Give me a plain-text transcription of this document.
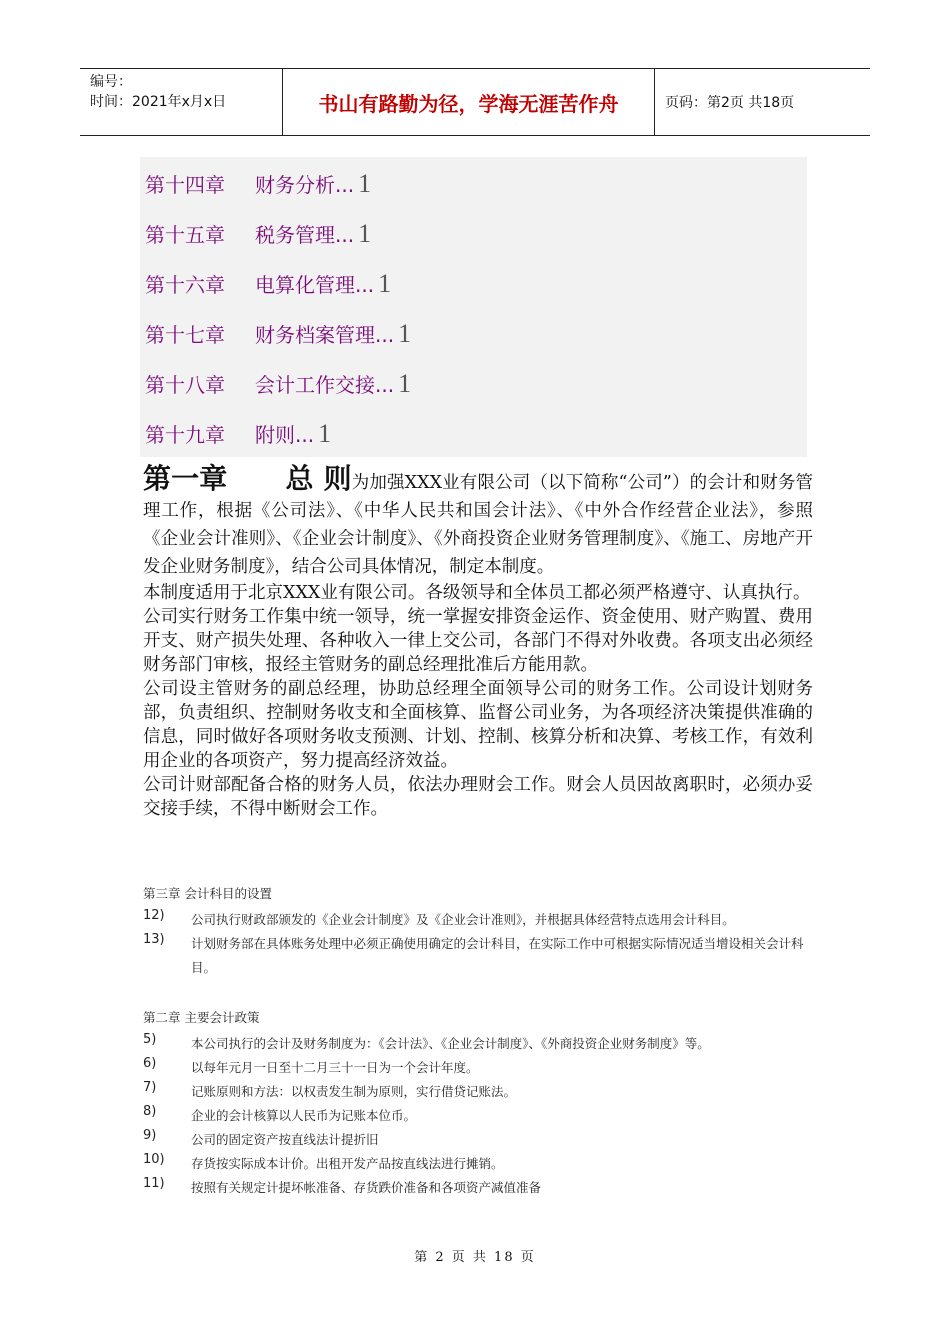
编号：
时间：2021年x月x日	书山有路勤为径，学海无涯苦作舟	页码：第2页 共18页
第十四章	财务分析... 1
第十五章	税务管理... 1
第十六章	电算化管理... 1
第十七章	财务档案管理... 1
第十八章	会计工作交接... 1
第十九章	附则... 1

第一章 总 则为加强XXX业有限公司（以下简称“公司”）的会计和财务管理工作，根据《公司法》、《中华人民共和国会计法》、《中外合作经营企业法》，参照《企业会计准则》、《企业会计制度》、《外商投资企业财务管理制度》、《施工、房地产开发企业财务制度》，结合公司具体情况，制定本制度。

本制度适用于北京XXX业有限公司。各级领导和全体员工都必须严格遵守、认真执行。

公司实行财务工作集中统一领导，统一掌握安排资金运作、资金使用、财产购置、费用开支、财产损失处理、各种收入一律上交公司，各部门不得对外收费。各项支出必须经财务部门审核，报经主管财务的副总经理批准后方能用款。

公司设主管财务的副总经理，协助总经理全面领导公司的财务工作。公司设计划财务部，负责组织、控制财务收支和全面核算、监督公司业务，为各项经济决策提供准确的信息，同时做好各项财务收支预测、计划、控制、核算分析和决算、考核工作，有效利用企业的各项资产，努力提高经济效益。

公司计财部配备合格的财务人员，依法办理财会工作。财会人员因故离职时，必须办妥交接手续，不得中断财会工作。

第三章 会计科目的设置
12)	公司执行财政部颁发的《企业会计制度》及《企业会计准则》，并根据具体经营特点选用会计科目。
13)	计划财务部在具体账务处理中必须正确使用确定的会计科目，在实际工作中可根据实际情况适当增设相关会计科目。
第二章 主要会计政策
5)	本公司执行的会计及财务制度为：《会计法》、《企业会计制度》、《外商投资企业财务制度》等。
6)	以每年元月一日至十二月三十一日为一个会计年度。
7)	记账原则和方法：以权责发生制为原则，实行借贷记账法。
8)	企业的会计核算以人民币为记账本位币。
9)	公司的固定资产按直线法计提折旧
10)	存货按实际成本计价。出租开发产品按直线法进行摊销。
11)	按照有关规定计提坏帐准备、存货跌价准备和各项资产减值准备
第 2 页 共 18 页
